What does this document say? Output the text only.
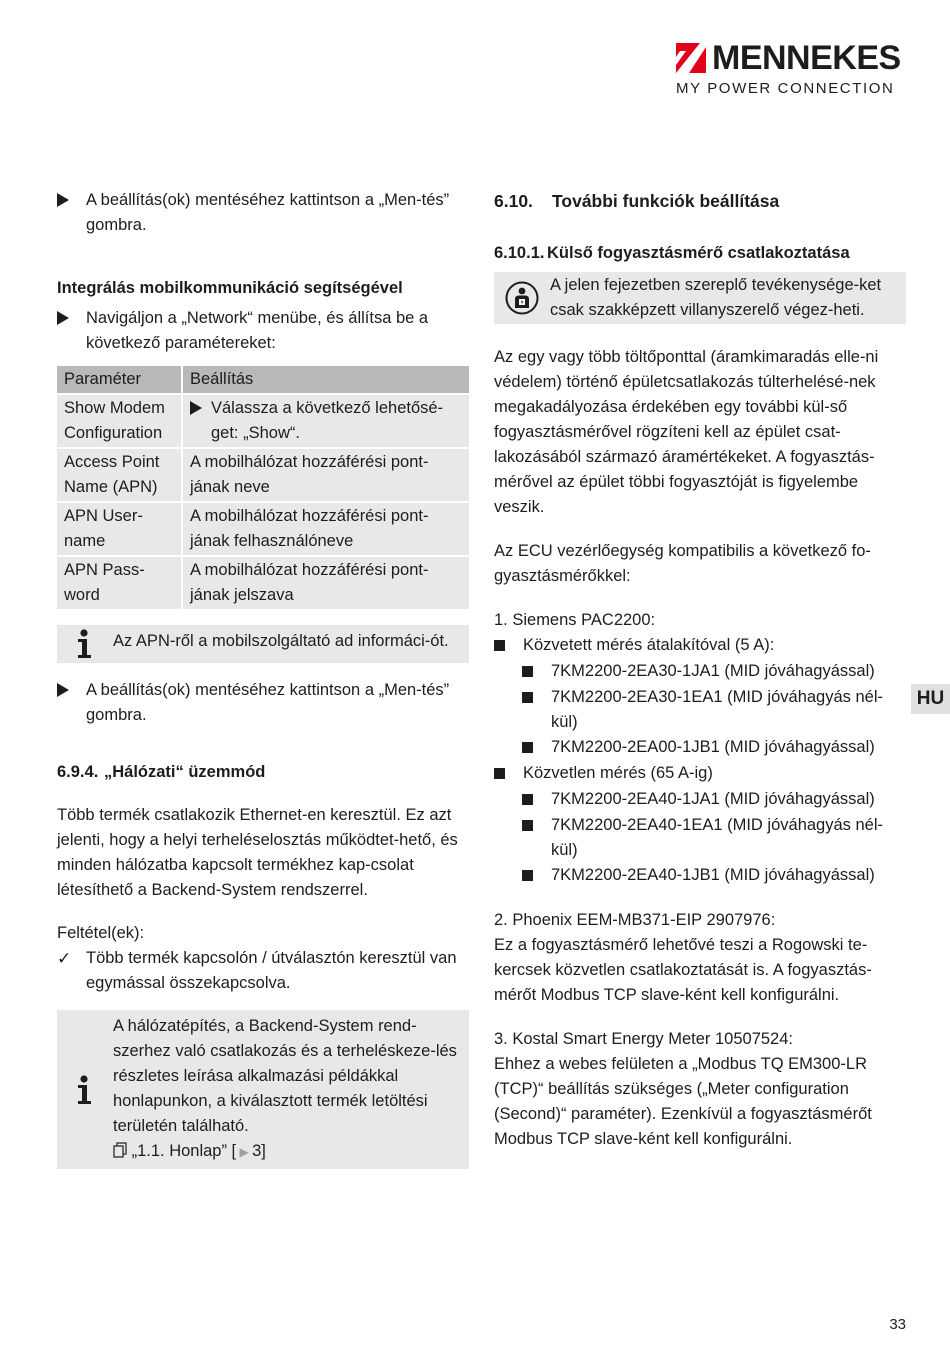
MENNEKES
MY POWER CONNECTION
A beállítás(ok) mentéséhez kattintson a „Men-tés” gombra.

Integrálás mobilkommunikáció segítségével

Navigáljon a „Network“ menübe, és állítsa be a következő paramétereket:
Paraméter	Beállítás
Show Modem Configuration	Válassza a következő lehetősé-get: „Show“.

Access Point Name (APN)	A mobilhálózat hozzáférési pont-jának neve
APN User-name	A mobilhálózat hozzáférési pont-jának felhasználóneve
APN Pass-word	A mobilhálózat hozzáférési pont-jának jelszava
Az APN-ről a mobilszolgáltató ad informáci-ót.
A beállítás(ok) mentéséhez kattintson a „Men-tés” gombra.

6.9.4. „Hálózati“ üzemmód

Több termék csatlakozik Ethernet-en keresztül. Ez azt jelenti, hogy a helyi terheléselosztás működtet-hető, és minden hálózatba kapcsolt termékhez kap-csolat létesíthető a Backend-System rendszerrel.

Feltétel(ek):

✓ Több termék kapcsolón / útválasztón keresztül van egymással összekapcsolva.
A hálózatépítés, a Backend-System rend-szerhez való csatlakozás és a terheléskeze-lés részletes leírása alkalmazási példákkal honlapunkon, a kiválasztott termék letöltési területén található.
„1.1. Honlap” [ ▶ 3]

6.10. További funkciók beállítása

6.10.1. Külső fogyasztásmérő csatlakoztatása

A jelen fejezetben szereplő tevékenysége-ket csak szakképzett villanyszerelő végez-heti.

Az egy vagy több töltőponttal (áramkimaradás elle-ni védelem) történő épületcsatlakozás túlterhelésé-nek megakadályozása érdekében egy további kül-ső fogyasztásmérővel rögzíteni kell az épület csat-lakozásából származó áramértékeket. A fogyasztás-mérővel az épület többi fogyasztóját is figyelembe veszik.

Az ECU vezérlőegység kompatibilis a következő fo-gyasztásmérőkkel:

1. Siemens PAC2200:

Közvetett mérés átalakítóval (5 A):
7KM2200-2EA30-1JA1 (MID jóváhagyással)
7KM2200-2EA30-1EA1 (MID jóváhagyás nél-kül)
7KM2200-2EA00-1JB1 (MID jóváhagyással)
Közvetlen mérés (65 A-ig)
7KM2200-2EA40-1JA1 (MID jóváhagyással)
7KM2200-2EA40-1EA1 (MID jóváhagyás nél-kül)
7KM2200-2EA40-1JB1 (MID jóváhagyással)

2. Phoenix EEM-MB371-EIP 2907976:

Ez a fogyasztásmérő lehetővé teszi a Rogowski te-kercsek közvetlen csatlakoztatását is. A fogyasztás-mérőt Modbus TCP slave-ként kell konfigurálni.

3. Kostal Smart Energy Meter 10507524:

Ehhez a webes felületen a „Modbus TQ EM300-LR (TCP)“ beállítás szükséges („Meter configuration (Second)“ paraméter). Ezenkívül a fogyasztásmérőt Modbus TCP slave-ként kell konfigurálni.

HU
33
